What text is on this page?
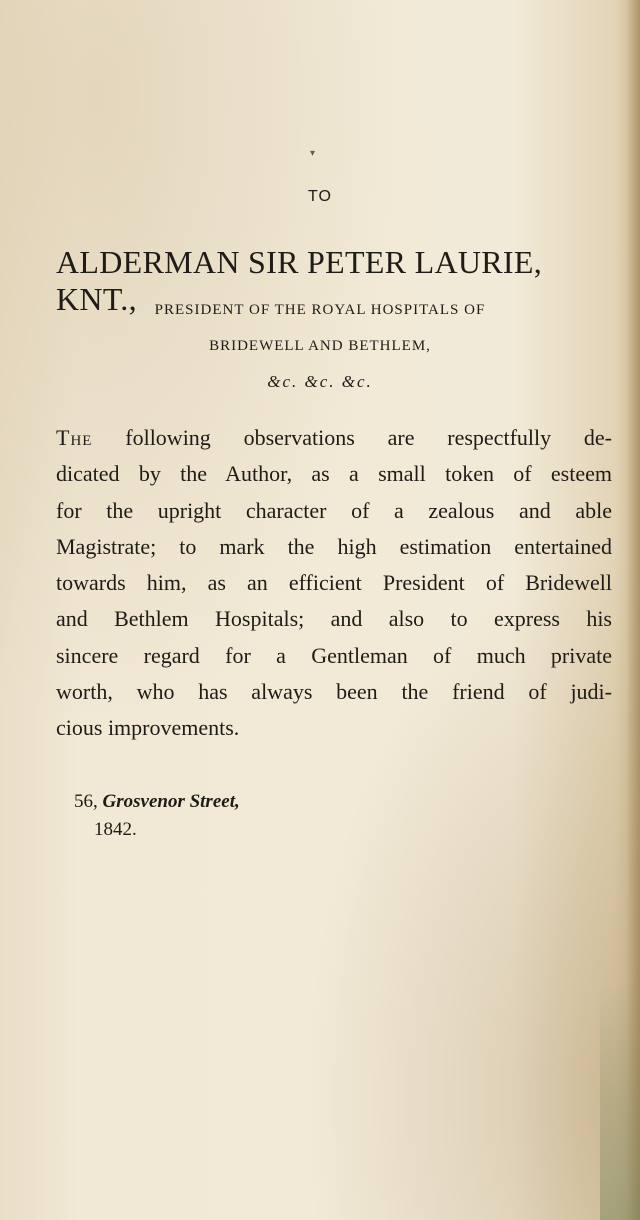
▾
TO
ALDERMAN SIR PETER LAURIE, KNT.,	PRESIDENT OF THE ROYAL HOSPITALS OF
BRIDEWELL AND BETHLEM,
&c. &c. &c.
The following observations are respectfully de-
dicated by the Author, as a small token of esteem
for the upright character of a zealous and able
Magistrate; to mark the high estimation entertained
towards him, as an efficient President of Bridewell
and Bethlem Hospitals; and also to express his
sincere regard for a Gentleman of much private
worth, who has always been the friend of judi-
cious improvements.
56, Grosvenor Street,
1842.
